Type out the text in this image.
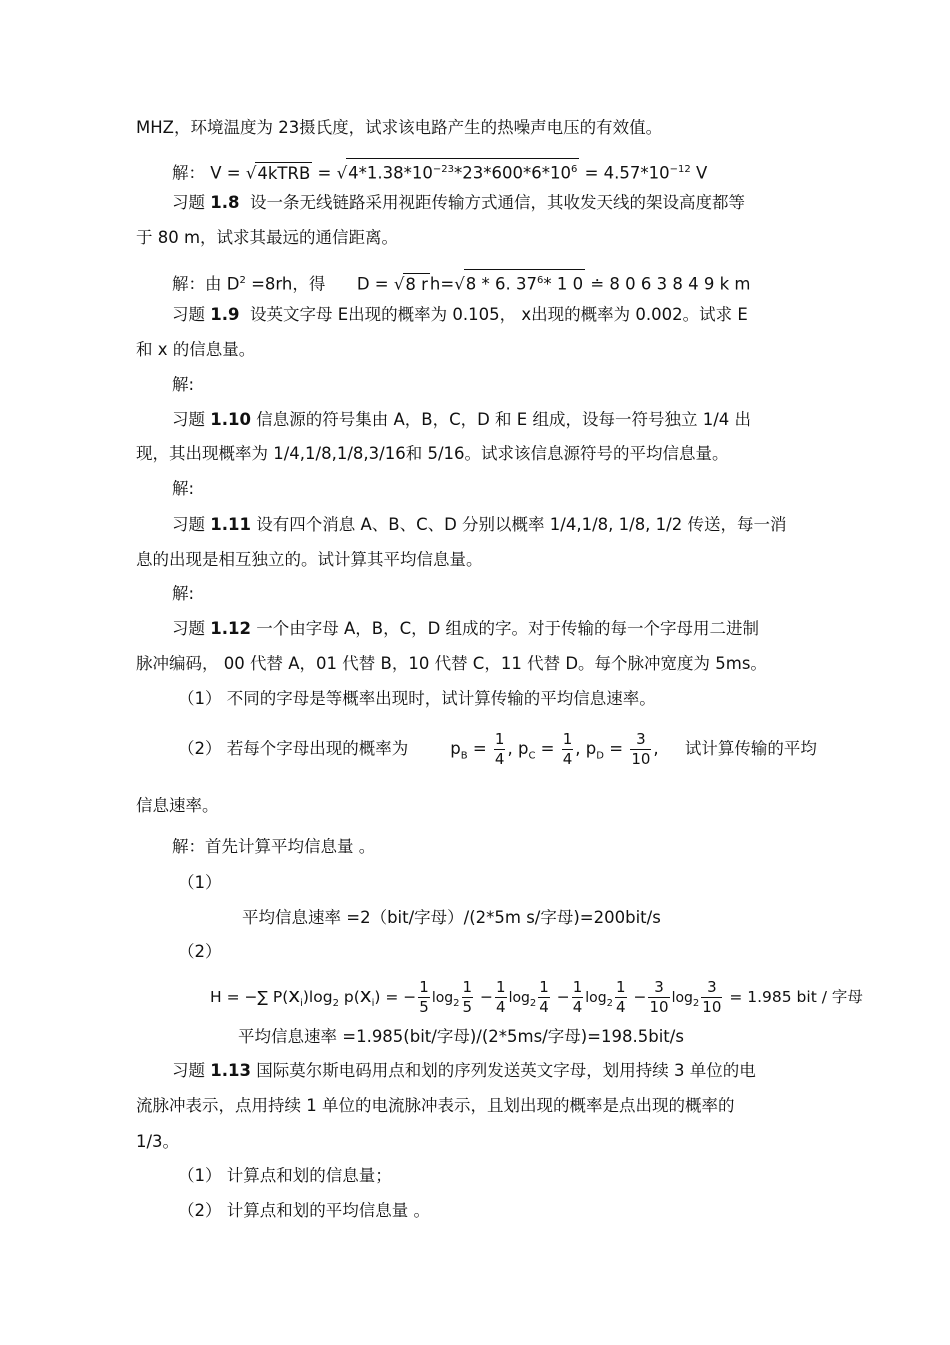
MHZ，环境温度为 23摄氏度，试求该电路产生的热噪声电压的有效值。
解： V = √4kTRB = $√4*1.38*10^{-23}*23*600*6*10^6 = 4.57*10^{-12}$ V
习题 1.8 设一条无线链路采用视距传输方式通信，其收发天线的架设高度都等
于 80 m，试求其最远的通信距离。
解：由 $D^2 =8rh$，得 D = √8 r h=√8 * 6. $37^6*$ 1 0 ≐ 8 0 6 3 8 4 9 k m
习题 1.9 设英文字母 E出现的概率为 0.105， x出现的概率为 0.002。试求 E
和 x 的信息量。
解:
习题 1.10 信息源的符号集由 A，B，C，D 和 E 组成，设每一符号独立 1/4 出
现，其出现概率为 1/4,1/8,1/8,3/16和 5/16。试求该信息源符号的平均信息量。
解:
习题 1.11 设有四个消息 A、B、C、D 分别以概率 1/4,1/8, 1/8, 1/2 传送，每一消
息的出现是相互独立的。试计算其平均信息量。
解:
习题 1.12 一个由字母 A，B，C，D 组成的字。对于传输的每一个字母用二进制
脉冲编码， 00 代替 A，01 代替 B，10 代替 C，11 代替 D。每个脉冲宽度为 5ms。
（1） 不同的字母是等概率出现时，试计算传输的平均信息速率。
（2） 若每个字母出现的概率为	$p_B = \frac{1}{4}$ , $p_C = \frac{1}{4}$ , $p_D = \frac{3}{10}$ ,     试计算传输的平均
信息速率。
解：首先计算平均信息量 。
（1）
平均信息速率 =2（bit/字母）/(2*5m s/字母)=200bit/s
（2）
H = −∑ $P(x_i)\log_2$ $p(x_i)$ = − $\frac{1}{5} \log_2 \frac{1}{5} - \frac{1}{4} \log_2 \frac{1}{4} - \frac{1}{4} \log_2 \frac{1}{4} - \frac{3}{10} \log_2 \frac{3}{10} = 1.985$ bit / 字母
平均信息速率 =1.985(bit/字母)/(2*5ms/字母)=198.5bit/s
习题 1.13 国际莫尔斯电码用点和划的序列发送英文字母，划用持续 3 单位的电
流脉冲表示，点用持续 1 单位的电流脉冲表示，且划出现的概率是点出现的概率的
1/3。
（1） 计算点和划的信息量；
（2） 计算点和划的平均信息量 。
